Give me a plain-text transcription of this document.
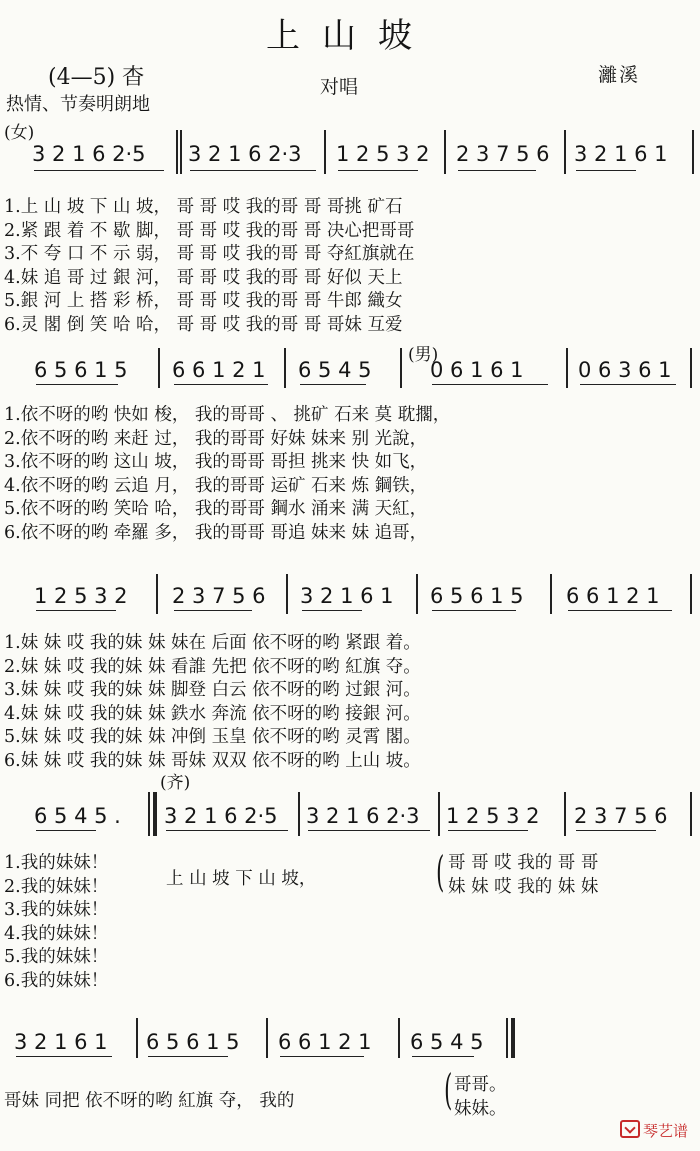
上山坡
(4—5) 杳	对唱
灕溪
热情、节奏明朗地
(女)
3 2 1 6 2·5 3 2 1 6 2·3 1 2 5 3 2 2 3 7 5 6 3 2 1 6 1
1.上 山 坡 下 山 坡， 哥 哥 哎 我的哥 哥 哥挑 矿石
2.紧 跟 着 不 歇 脚， 哥 哥 哎 我的哥 哥 决心把哥哥
3.不 夸 口 不 示 弱， 哥 哥 哎 我的哥 哥 夺紅旗就在
4.妹 追 哥 过 銀 河， 哥 哥 哎 我的哥 哥 好似 天上
5.銀 河 上 搭 彩 桥， 哥 哥 哎 我的哥 哥 牛郎 織女
6.灵 閣 倒 笑 哈 哈， 哥 哥 哎 我的哥 哥 哥妹 互爱
(男)
6 5 6 1 5 6 6 1 2 1 6 5 4 5	0 6 1 6 1	0 6 3 6 1
1.依不呀的哟 快如 梭， 我的哥哥 、 挑矿 石来 莫 耽擱，
2.依不呀的哟 来赶 过， 我的哥哥 好妹 妹来 别 光說，
3.依不呀的哟 这山 坡， 我的哥哥 哥担 挑来 快 如飞，
4.依不呀的哟 云追 月， 我的哥哥 运矿 石来 炼 鋼铁，
5.依不呀的哟 笑哈 哈， 我的哥哥 鋼水 涌来 满 天紅，
6.依不呀的哟 牵羅 多， 我的哥哥 哥追 妹来 妹 追哥，
1 2 5 3 2 2 3 7 5 6 3 2 1 6 1 6 5 6 1 5 6 6 1 2 1
1.妹 妹 哎 我的妹 妹 妹在 后面 依不呀的哟 紧跟 着。
2.妹 妹 哎 我的妹 妹 看誰 先把 依不呀的哟 紅旗 夺。
3.妹 妹 哎 我的妹 妹 脚登 白云 依不呀的哟 过銀 河。
4.妹 妹 哎 我的妹 妹 鉄水 奔流 依不呀的哟 接銀 河。
5.妹 妹 哎 我的妹 妹 冲倒 玉皇 依不呀的哟 灵霄 閣。
6.妹 妹 哎 我的妹 妹 哥妹 双双 依不呀的哟 上山 坡。
(齐)
6 5 4 5 . 3 2 1 6 2·5 3 2 1 6 2·3 1 2 5 3 2 2 3 7 5 6
1.我的妹妹！
2.我的妹妹！
3.我的妹妹！
4.我的妹妹！
5.我的妹妹！
6.我的妹妹！
上 山 坡 下 山 坡，	( 哥 哥 哎 我的 哥 哥
妹 妹 哎 我的 妹 妹
3 2 1 6 1 6 5 6 1 5 6 6 1 2 1 6 5 4 5
哥妹 同把 依不呀的哟 紅旗 夺， 我的	( 哥哥。
妹妹。
琴艺谱
